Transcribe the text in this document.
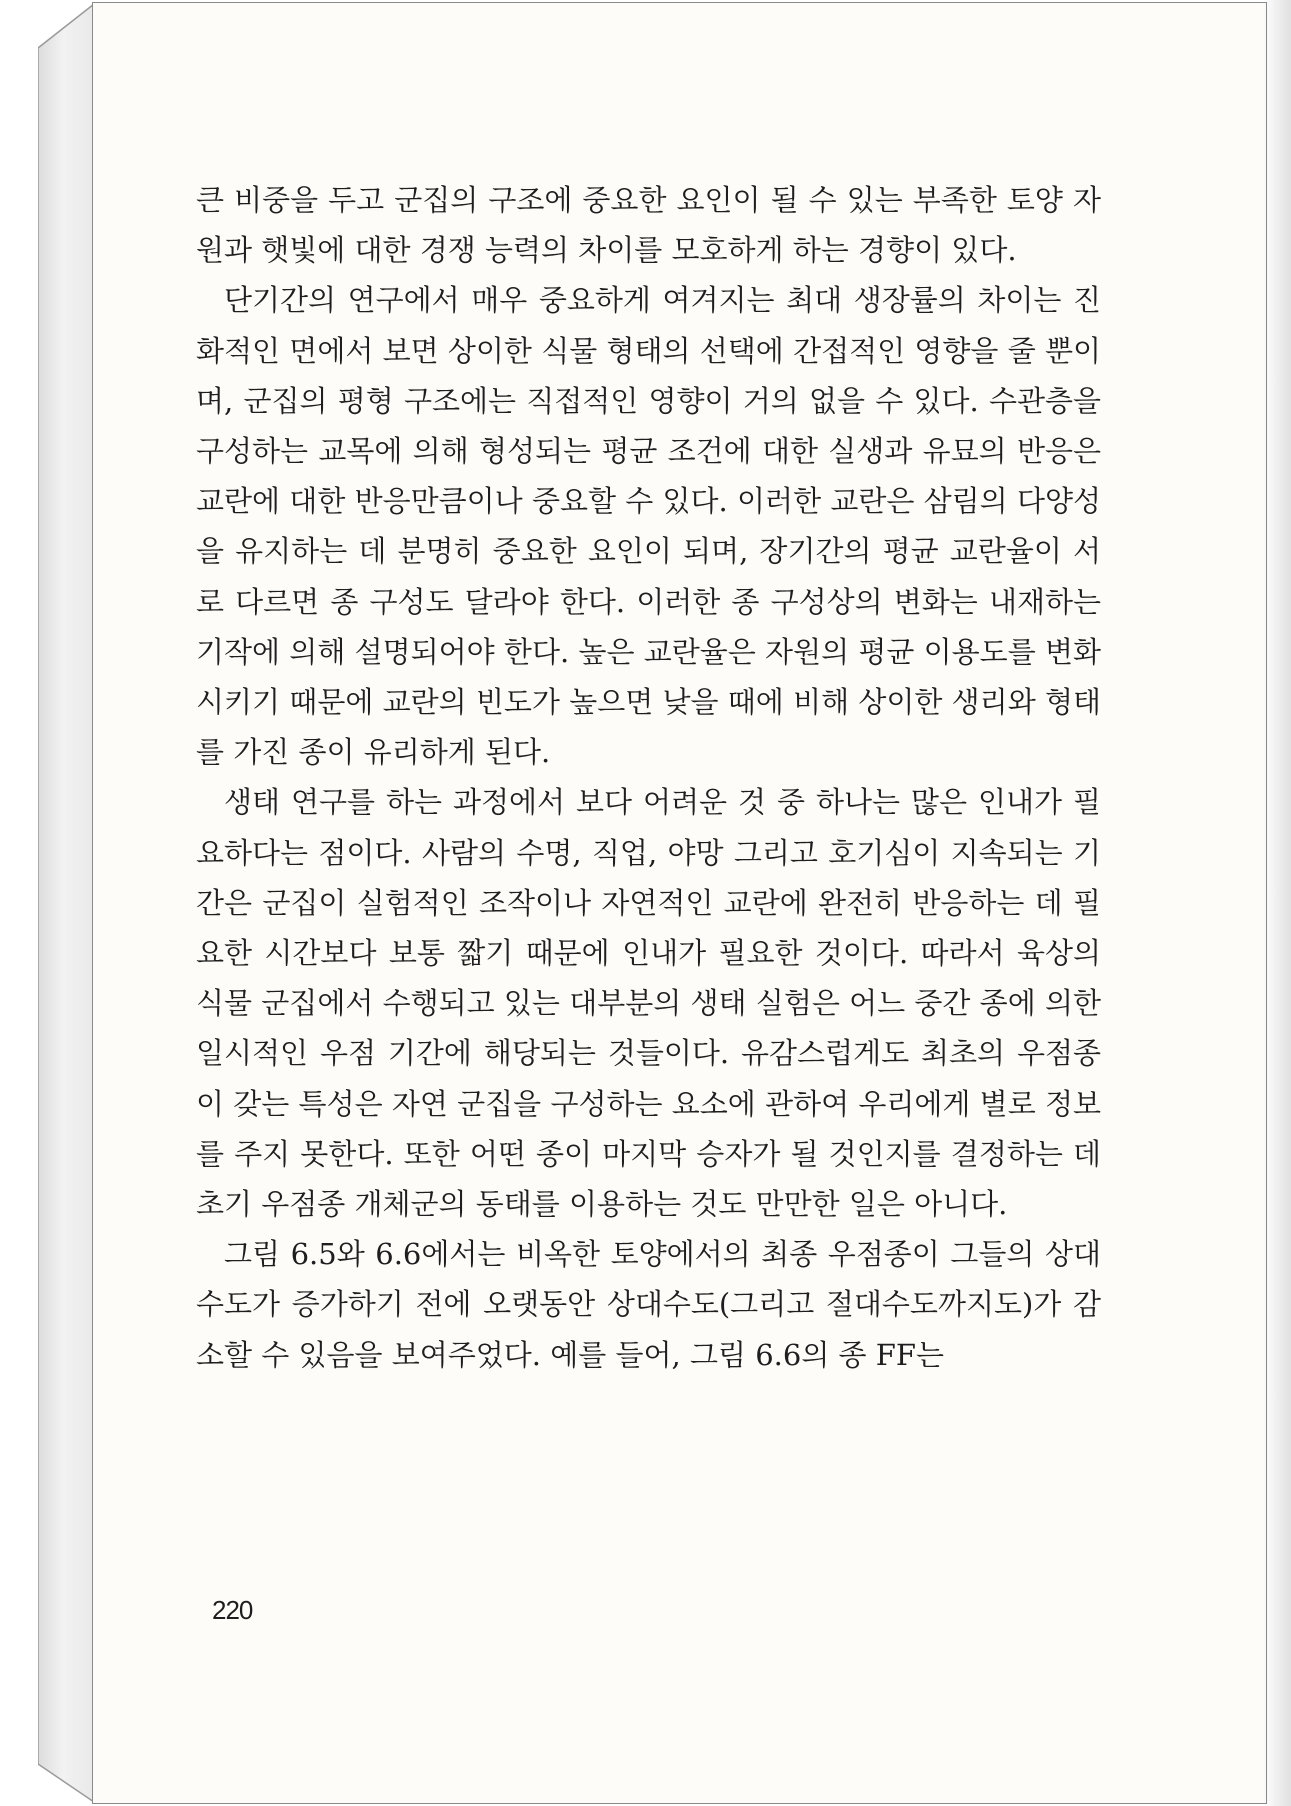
큰 비중을 두고 군집의 구조에 중요한 요인이 될 수 있는 부족한 토양 자원과 햇빛에 대한 경쟁 능력의 차이를 모호하게 하는 경향이 있다.

단기간의 연구에서 매우 중요하게 여겨지는 최대 생장률의 차이는 진화적인 면에서 보면 상이한 식물 형태의 선택에 간접적인 영향을 줄 뿐이며, 군집의 평형 구조에는 직접적인 영향이 거의 없을 수 있다. 수관층을 구성하는 교목에 의해 형성되는 평균 조건에 대한 실생과 유묘의 반응은 교란에 대한 반응만큼이나 중요할 수 있다. 이러한 교란은 삼림의 다양성을 유지하는 데 분명히 중요한 요인이 되며, 장기간의 평균 교란율이 서로 다르면 종 구성도 달라야 한다. 이러한 종 구성상의 변화는 내재하는 기작에 의해 설명되어야 한다. 높은 교란율은 자원의 평균 이용도를 변화시키기 때문에 교란의 빈도가 높으면 낮을 때에 비해 상이한 생리와 형태를 가진 종이 유리하게 된다.

생태 연구를 하는 과정에서 보다 어려운 것 중 하나는 많은 인내가 필요하다는 점이다. 사람의 수명, 직업, 야망 그리고 호기심이 지속되는 기간은 군집이 실험적인 조작이나 자연적인 교란에 완전히 반응하는 데 필요한 시간보다 보통 짧기 때문에 인내가 필요한 것이다. 따라서 육상의 식물 군집에서 수행되고 있는 대부분의 생태 실험은 어느 중간 종에 의한 일시적인 우점 기간에 해당되는 것들이다. 유감스럽게도 최초의 우점종이 갖는 특성은 자연 군집을 구성하는 요소에 관하여 우리에게 별로 정보를 주지 못한다. 또한 어떤 종이 마지막 승자가 될 것인지를 결정하는 데 초기 우점종 개체군의 동태를 이용하는 것도 만만한 일은 아니다.

그림 6.5와 6.6에서는 비옥한 토양에서의 최종 우점종이 그들의 상대수도가 증가하기 전에 오랫동안 상대수도(그리고 절대수도까지도)가 감소할 수 있음을 보여주었다. 예를 들어, 그림 6.6의 종 FF는

220
